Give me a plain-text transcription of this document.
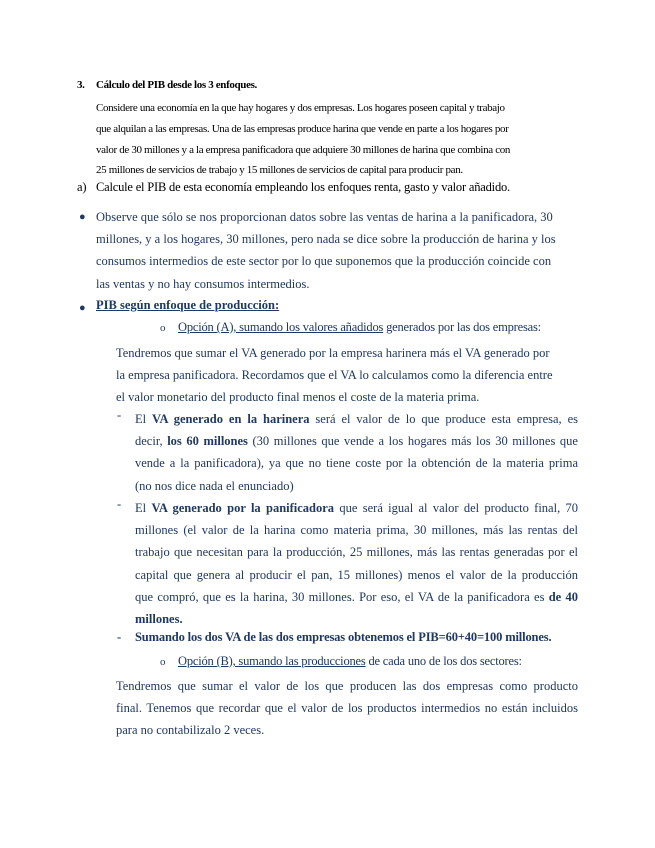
3. Cálculo del PIB desde los 3 enfoques.
Considere una economía en la que hay hogares y dos empresas. Los hogares poseen capital y trabajo
que alquilan a las empresas. Una de las empresas produce harina que vende en parte a los hogares por
valor de 30 millones y a la empresa panificadora que adquiere 30 millones de harina que combina con
25 millones de servicios de trabajo y 15 millones de servicios de capital para producir pan.
a) Calcule el PIB de esta economía empleando los enfoques renta, gasto y valor añadido.
● Observe que sólo se nos proporcionan datos sobre las ventas de harina a la panificadora, 30
millones, y a los hogares, 30 millones, pero nada se dice sobre la producción de harina y los
consumos intermedios de este sector por lo que suponemos que la producción coincide con
las ventas y no hay consumos intermedios.
● PIB según enfoque de producción:
o Opción (A), sumando los valores añadidos generados por las dos empresas:
Tendremos que sumar el VA generado por la empresa harinera más el VA generado por
la empresa panificadora. Recordamos que el VA lo calculamos como la diferencia entre
el valor monetario del producto final menos el coste de la materia prima.
- El VA generado en la harinera será el valor de lo que produce esta empresa, es
decir, los 60 millones (30 millones que vende a los hogares más los 30 millones que
vende a la panificadora), ya que no tiene coste por la obtención de la materia prima
(no nos dice nada el enunciado)
- El VA generado por la panificadora que será igual al valor del producto final, 70
millones (el valor de la harina como materia prima, 30 millones, más las rentas del
trabajo que necesitan para la producción, 25 millones, más las rentas generadas por el
capital que genera al producir el pan, 15 millones) menos el valor de la producción
que compró, que es la harina, 30 millones. Por eso, el VA de la panificadora es de 40
millones.
- Sumando los dos VA de las dos empresas obtenemos el PIB=60+40=100 millones.
o Opción (B), sumando las producciones de cada uno de los dos sectores:
Tendremos que sumar el valor de los que producen las dos empresas como producto
final. Tenemos que recordar que el valor de los productos intermedios no están incluidos
para no contabilizalo 2 veces.
